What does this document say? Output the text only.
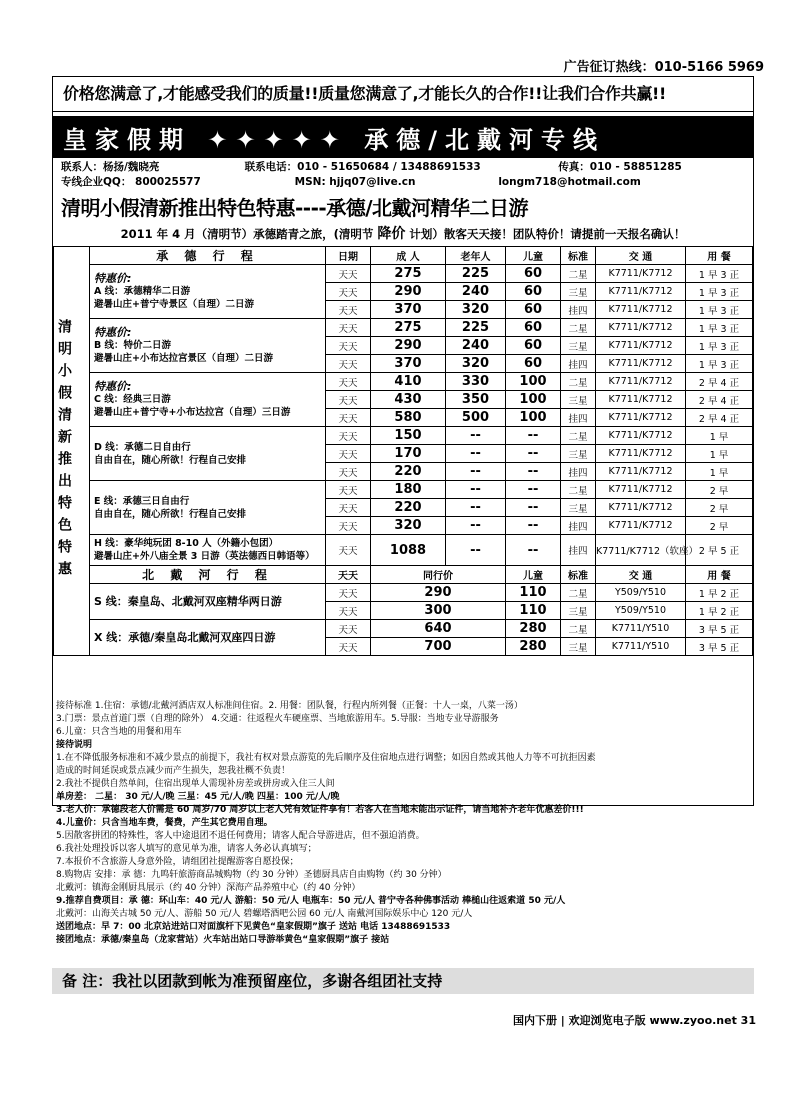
广告征订热线：010-5166 5969
价格您满意了,才能感受我们的质量!!质量您满意了,才能长久的合作!!让我们合作共赢!!
皇家假期 ✦✦✦✦✦ 承德/北戴河专线
联系人：杨扬/魏晓亮	联系电话：010 - 51650684 / 13488691533	传真：010 - 58851285
专线企业QQ： 800025577	MSN: hjjq07@live.cn	longm718@hotmail.com
清明小假清新推出特色特惠----承德/北戴河精华二日游
2011 年 4 月（清明节）承德踏青之旅，(清明节 降价 计划）散客天天接！团队特价！请提前一天报名确认！
清明小假清新推出特色特惠	承 德 行 程	日期	成 人	老年人	儿童	标准	交 通	用 餐

	特惠价:
A 线：承德精华二日游
避暑山庄+普宁寺景区（自理）二日游	天天	275	225	60	二星	K7711/K7712	1 早 3 正
		天天	290	240	60	三星	K7711/K7712	1 早 3 正
		天天	370	320	60	挂四	K7711/K7712	1 早 3 正

	特惠价:
B 线：特价二日游
避暑山庄+小布达拉宫景区（自理）二日游	天天	275	225	60	二星	K7711/K7712	1 早 3 正
		天天	290	240	60	三星	K7711/K7712	1 早 3 正
		天天	370	320	60	挂四	K7711/K7712	1 早 3 正

	特惠价:
C 线：经典三日游
避暑山庄+普宁寺+小布达拉宫（自理）三日游	天天	410	330	100	二星	K7711/K7712	2 早 4 正
		天天	430	350	100	三星	K7711/K7712	2 早 4 正
		天天	580	500	100	挂四	K7711/K7712	2 早 4 正

	D 线：承德二日自由行
自由自在，随心所欲！行程自己安排	天天	150	--	--	二星	K7711/K7712	1 早
		天天	170	--	--	三星	K7711/K7712	1 早
		天天	220	--	--	挂四	K7711/K7712	1 早

	E 线：承德三日自由行
自由自在，随心所欲！行程自己安排	天天	180	--	--	二星	K7711/K7712	2 早
		天天	220	--	--	三星	K7711/K7712	2 早
		天天	320	--	--	挂四	K7711/K7712	2 早

	H 线：豪华纯玩团 8-10 人（外籍小包团）
避暑山庄+外八庙全景 3 日游（英法德西日韩语等）	天天	1088	--	--	挂四	K7711/K7712（软座）	2 早 5 正
	北 戴 河 行 程	天天	同行价		儿童	标准	交 通	用 餐
	S 线：秦皇岛、北戴河双座精华两日游	天天	290		110	二星	Y509/Y510	1 早 2 正
		天天	300		110	三星	Y509/Y510	1 早 2 正
	X 线：承德/秦皇岛北戴河双座四日游	天天	640		280	二星	K7711/Y510	3 早 5 正
		天天	700		280	三星	K7711/Y510	3 早 5 正
接待标准 1.住宿：承德/北戴河酒店双人标准间住宿。2. 用餐：团队餐，行程内所列餐（正餐：十人一桌，八菜一汤）
3.门票：景点首道门票（自理的除外） 4.交通：往返程火车硬座票、当地旅游用车。5.导服：当地专业导游服务
6.儿童：只含当地的用餐和用车
接待说明
1.在不降低服务标准和不减少景点的前提下，我社有权对景点游览的先后顺序及住宿地点进行调整；如因自然或其他人力等不可抗拒因素
造成的时间延误或景点减少而产生损失，恕我社概不负责！
2.我社不提供自然单间，住宿出现单人需现补房差或拼房或入住三人间
单房差： 二星： 30 元/人/晚 三星：45 元/人/晚 四星：100 元/人/晚
3.老人价：承德段老人价需是 60 周岁/70 周岁以上老人凭有效证件享有！若客人在当地未能出示证件，请当地补齐老年优惠差价!!!
4.儿童价：只含当地车费，餐费，产生其它费用自理。
5.因散客拼团的特殊性，客人中途退团不退任何费用；请客人配合导游进店，但不强迫消费。
6.我社处理投诉以客人填写的意见单为准，请客人务必认真填写；
7.本报价不含旅游人身意外险，请组团社提醒游客自愿投保；
8.购物店 安排：承 德：九鸣轩旅游商品城购物（约 30 分钟）圣德厨具店自由购物（约 30 分钟）
北戴河：镇海金刚厨具展示（约 40 分钟）深海产品养殖中心（约 40 分钟）
9.推荐自费项目：承 德：环山车：40 元/人 游船：50 元/人 电瓶车：50 元/人 普宁寺各种佛事活动 棒槌山往返索道 50 元/人
北戴河：山海关古城 50 元/人、游船 50 元/人 碧螺塔酒吧公园 60 元/人 南戴河国际娱乐中心 120 元/人
送团地点：早 7：00 北京站进站口对面旗杆下见黄色“皇家假期”旗子 送站 电话 13488691533
接团地点：承德/秦皇岛（龙家营站）火车站出站口导游举黄色“皇家假期”旗子 接站
备 注：我社以团款到帐为准预留座位，多谢各组团社支持
国内下册 | 欢迎浏览电子版 www.zyoo.net 31
